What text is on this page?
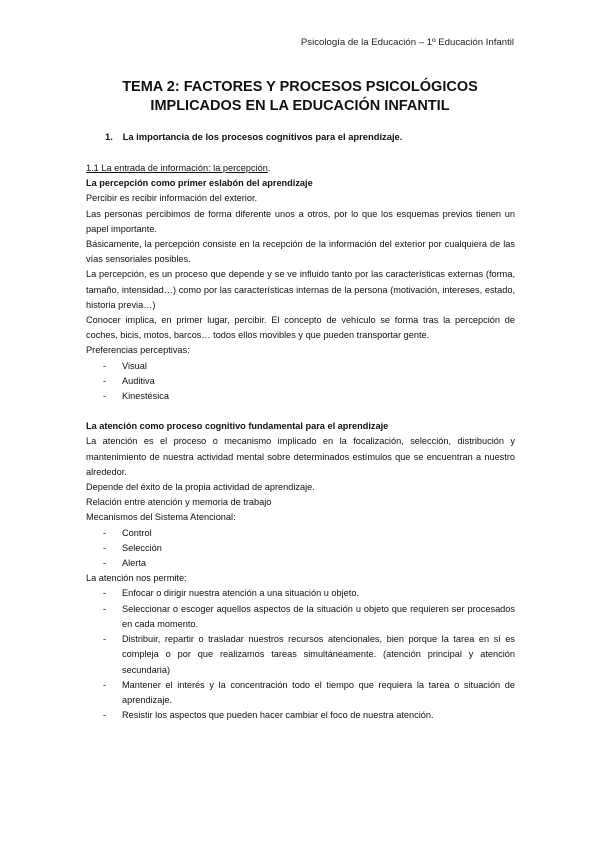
Psicología de la Educación – 1º Educación Infantil
TEMA 2: FACTORES Y PROCESOS PSICOLÓGICOS
IMPLICADOS EN LA EDUCACIÓN INFANTIL
1. La importancia de los procesos cognitivos para el aprendizaje.

1.1 La entrada de información: la percepción.

La percepción como primer eslabón del aprendizaje

Percibir es recibir información del exterior.

Las personas percibimos de forma diferente unos a otros, por lo que los esquemas previos tienen un papel importante.

Básicamente, la percepción consiste en la recepción de la información del exterior por cualquiera de las vías sensoriales posibles.

La percepción, es un proceso que depende y se ve influido tanto por las características externas (forma, tamaño, intensidad…) como por las características internas de la persona (motivación, intereses, estado, historia previa…)

Conocer implica, en primer lugar, percibir. El concepto de vehículo se forma tras la percepción de coches, bicis, motos, barcos… todos ellos movibles y que pueden transportar gente.

Preferencias perceptivas:

- Visual
- Auditiva
- Kinestésica

La atención como proceso cognitivo fundamental para el aprendizaje

La atención es el proceso o mecanismo implicado en la focalización, selección, distribución y mantenimiento de nuestra actividad mental sobre determinados estímulos que se encuentran a nuestro alrededor.

Depende del éxito de la propia actividad de aprendizaje.

Relación entre atención y memoria de trabajo

Mecanismos del Sistema Atencional:

- Control
- Selección
- Alerta

La atención nos permite:

- Enfocar o dirigir nuestra atención a una situación u objeto.
- Seleccionar o escoger aquellos aspectos de la situación u objeto que requieren ser procesados en cada momento.
- Distribuir, repartir o trasladar nuestros recursos atencionales, bien porque la tarea en sí es compleja o por que realizamos tareas simultáneamente. (atención principal y atención secundaria)
- Mantener el interés y la concentración todo el tiempo que requiera la tarea o situación de aprendizaje.
- Resistir los aspectos que pueden hacer cambiar el foco de nuestra atención.
